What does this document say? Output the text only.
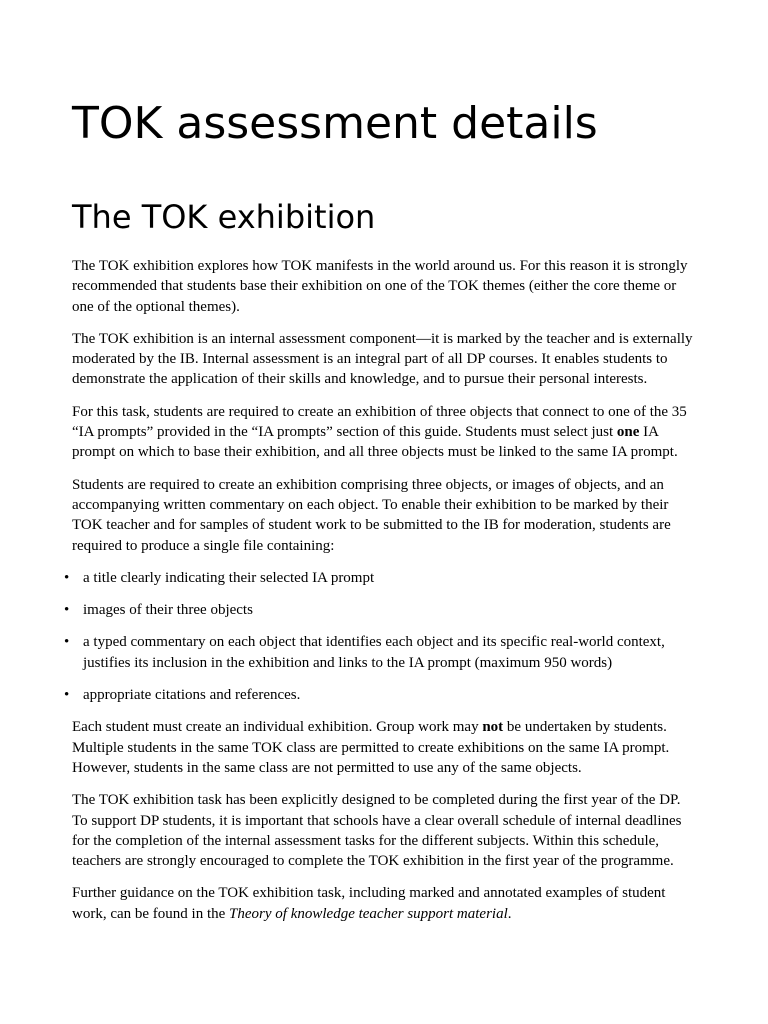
TOK assessment details
The TOK exhibition

The TOK exhibition explores how TOK manifests in the world around us. For this reason it is strongly recommended that students base their exhibition on one of the TOK themes (either the core theme or one of the optional themes).

The TOK exhibition is an internal assessment component—it is marked by the teacher and is externally moderated by the IB. Internal assessment is an integral part of all DP courses. It enables students to demonstrate the application of their skills and knowledge, and to pursue their personal interests.

For this task, students are required to create an exhibition of three objects that connect to one of the 35 “IA prompts” provided in the “IA prompts” section of this guide. Students must select just one IA prompt on which to base their exhibition, and all three objects must be linked to the same IA prompt.

Students are required to create an exhibition comprising three objects, or images of objects, and an accompanying written commentary on each object. To enable their exhibition to be marked by their TOK teacher and for samples of student work to be submitted to the IB for moderation, students are required to produce a single file containing:

• a title clearly indicating their selected IA prompt
• images of their three objects
• a typed commentary on each object that identifies each object and its specific real-world context, justifies its inclusion in the exhibition and links to the IA prompt (maximum 950 words)
• appropriate citations and references.

Each student must create an individual exhibition. Group work may not be undertaken by students. Multiple students in the same TOK class are permitted to create exhibitions on the same IA prompt. However, students in the same class are not permitted to use any of the same objects.

The TOK exhibition task has been explicitly designed to be completed during the first year of the DP. To support DP students, it is important that schools have a clear overall schedule of internal deadlines for the completion of the internal assessment tasks for the different subjects. Within this schedule, teachers are strongly encouraged to complete the TOK exhibition in the first year of the programme.

Further guidance on the TOK exhibition task, including marked and annotated examples of student work, can be found in the Theory of knowledge teacher support material.
